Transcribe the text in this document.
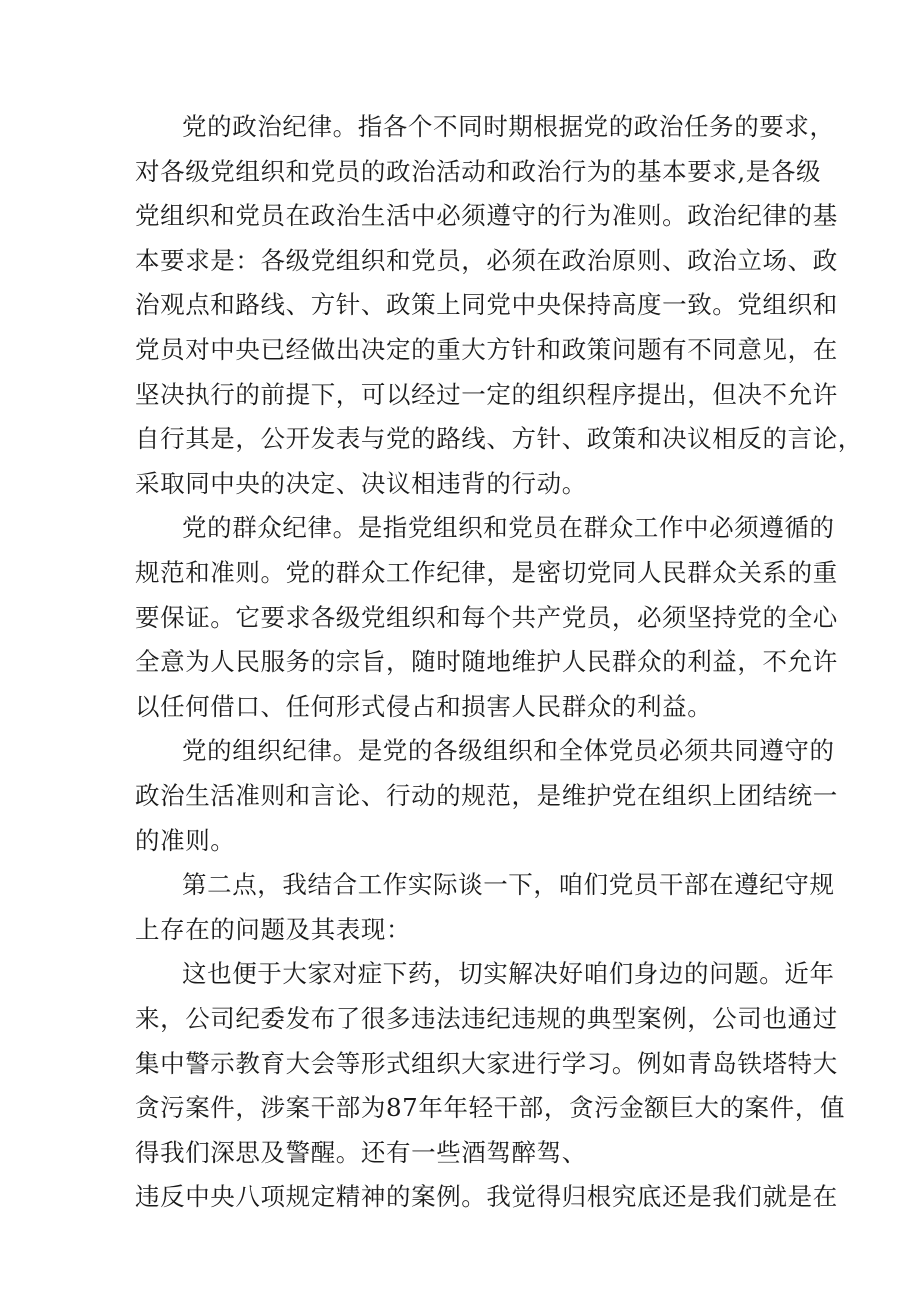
党的政治纪律。指各个不同时期根据党的政治任务的要求，

对各级党组织和党员的政治活动和政治行为的基本要求,是各级

党组织和党员在政治生活中必须遵守的行为准则。政治纪律的基

本要求是：各级党组织和党员，必须在政治原则、政治立场、政

治观点和路线、方针、政策上同党中央保持高度一致。党组织和

党员对中央已经做出决定的重大方针和政策问题有不同意见，在

坚决执行的前提下，可以经过一定的组织程序提出，但决不允许

自行其是，公开发表与党的路线、方针、政策和决议相反的言论，

采取同中央的决定、决议相违背的行动。

党的群众纪律。是指党组织和党员在群众工作中必须遵循的

规范和准则。党的群众工作纪律，是密切党同人民群众关系的重

要保证。它要求各级党组织和每个共产党员，必须坚持党的全心

全意为人民服务的宗旨，随时随地维护人民群众的利益，不允许

以任何借口、任何形式侵占和损害人民群众的利益。

党的组织纪律。是党的各级组织和全体党员必须共同遵守的

政治生活准则和言论、行动的规范，是维护党在组织上团结统一

的准则。

第二点，我结合工作实际谈一下，咱们党员干部在遵纪守规

上存在的问题及其表现：

这也便于大家对症下药，切实解决好咱们身边的问题。近年

来，公司纪委发布了很多违法违纪违规的典型案例，公司也通过

集中警示教育大会等形式组织大家进行学习。例如青岛铁塔特大

贪污案件，涉案干部为87年年轻干部，贪污金额巨大的案件，值

得我们深思及警醒。还有一些酒驾醉驾、

违反中央八项规定精神的案例。我觉得归根究底还是我们就是在
